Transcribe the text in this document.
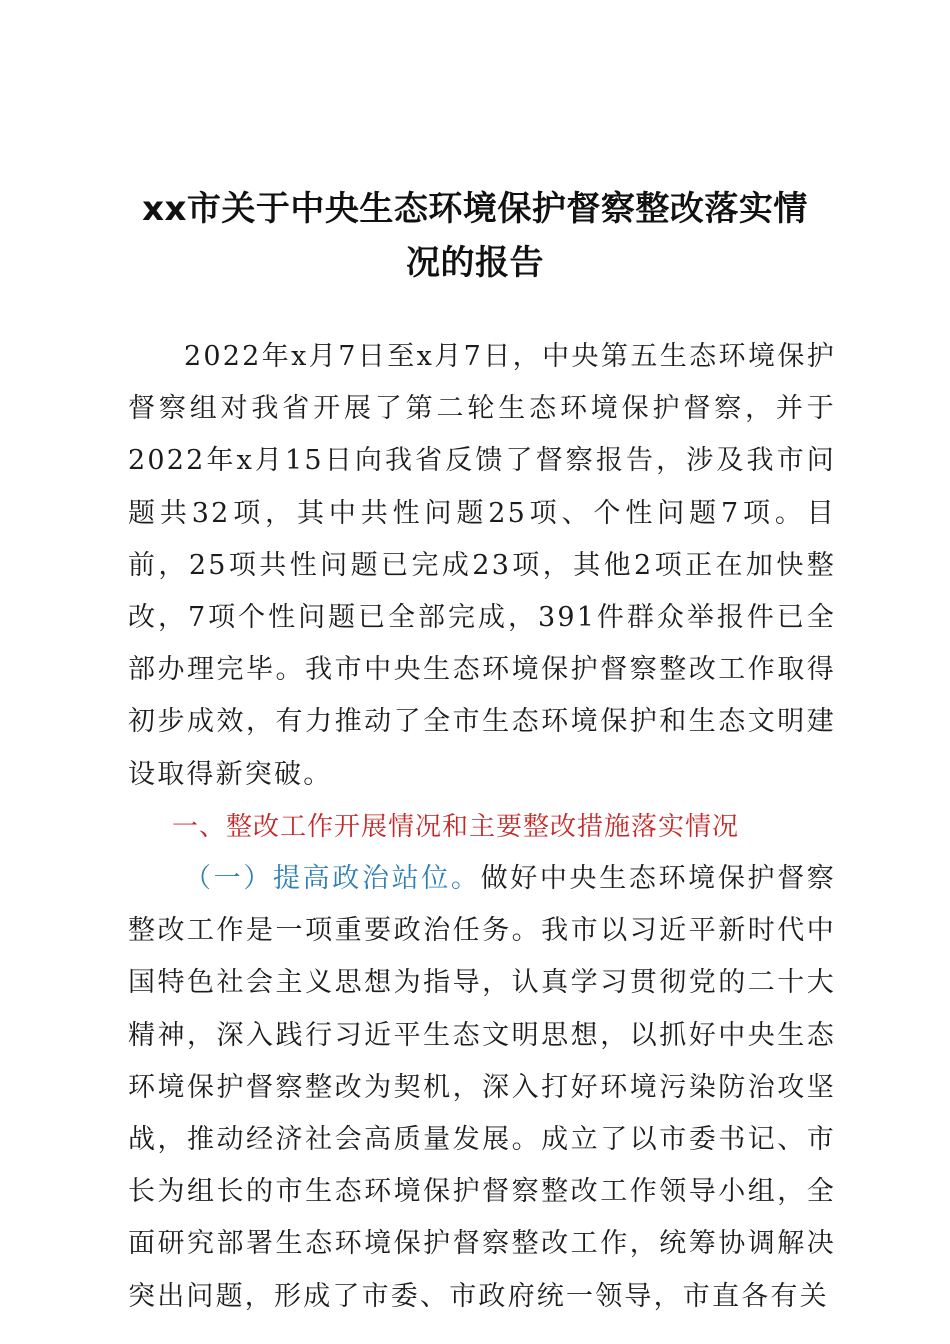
xx市关于中央生态环境保护督察整改落实情
况的报告

2022年x月7日至x月7日，中央第五生态环境保护督察组对我省开展了第二轮生态环境保护督察，并于2022年x月15日向我省反馈了督察报告，涉及我市问题共32项，其中共性问题25项、个性问题7项。目前，25项共性问题已完成23项，其他2项正在加快整改，7项个性问题已全部完成，391件群众举报件已全部办理完毕。我市中央生态环境保护督察整改工作取得初步成效，有力推动了全市生态环境保护和生态文明建设取得新突破。

一、整改工作开展情况和主要整改措施落实情况

（一）提高政治站位。做好中央生态环境保护督察整改工作是一项重要政治任务。我市以习近平新时代中国特色社会主义思想为指导，认真学习贯彻党的二十大精神，深入践行习近平生态文明思想，以抓好中央生态环境保护督察整改为契机，深入打好环境污染防治攻坚战，推动经济社会高质量发展。成立了以市委书记、市长为组长的市生态环境保护督察整改工作领导小组，全面研究部署生态环境保护督察整改工作，统筹协调解决突出问题，形成了市委、市政府统一领导，市直各有关
